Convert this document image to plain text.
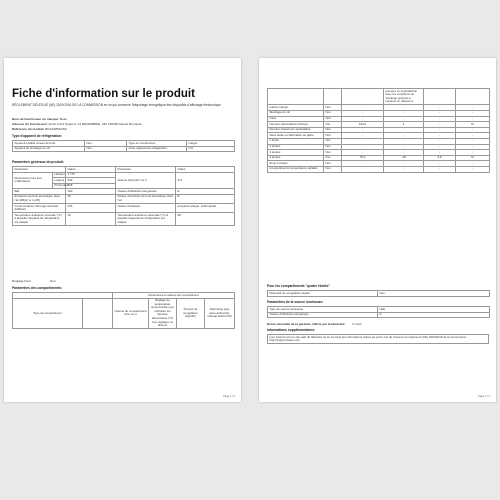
Fiche d'information sur le produit

RÈGLEMENT DÉLÉGUÉ (UE) 2019/2016 DE LA COMMISSION en ce qui concerne l'étiquetage énergétique des dispositifs d'affichage électronique

Nom du fournisseur ou marque: Beko
Adresse du fournisseur: Arctic Fund Support, 13 DECEMBRIE, 310 195390 Gaesti Romania
Référence du modèle: BCSA285K4SN
Type d'appareil de réfrigération:
Appareil à faible niveau de bruit:	Non	Type de construction:	intégré
Appareil de stockage du vin:	Non	Autre appareil de réfrigération:	Oui
Paramètres généraux du produit:
Paramètre		Valeur	Paramètre	Valeur
Dimensions hors tout (millimètres)	Hauteur	1 775	Volume total (dm³ ou l)	271
	Largeur	540		
	Profondeur	545		
IEE		100	Classe d'efficacité énergétique	E
Émissions de bruit acoustique dans l'air [dB(A) re 1 pW]		35	Classe d'émission de bruit acoustique dans l'air	B
Consommation d'énergie annuelle (kWh/an)		225	Classe climatique	tempérée élargie, subtropicale
Température ambiante minimale (°C) à laquelle l'appareil de réfrigération est adapté		10	Température ambiante maximale (°C) à laquelle l'appareil de réfrigération est adapté	38
Réglage hiver	Non
Paramètres des compartiments:
		Paramètres et valeurs de compartiment			
Type de compartiment		Volume du compartiment (dm³ ou l)	Réglage de température recommandé pour optimiser les denrées alimentaires (°C) Ces réglages ne doivent	Pouvoir de congélation (kg/24h)	Defrosting type (auto-defrost=A, manual defrost=M)
Page 1 / 2
			pas être en contradiction avec les conditions de stockage prévues à l'annexe IV, tableau 3		
Garde-manger	Non	-	-	-	-
Stockage du vin	Non	-	-	-	-
Cave	Non	-	-	-	-
Denrées alimentaires fraîches	Oui	193,0	4	-	M
Denrées hautement périssables	Non	-	-	-	-
Sans étoile ou fabrication de glace	Non	-	-	-	-
1 étoile	Non	-	-	-	-
2 étoiles	Non	-	-	-	-
3 étoiles	Non	-	-	-	-
4 étoiles	Oui	78,0	-18	3,6	M
Zone 2 étoiles	Non	-	-	-	-
Compartiment à température variable	Non	-	-	-	-
Pour les compartiments "quatre étoiles"
Dispositif de congélation rapide	Non
Paramètres de la source lumineuse:
Type de source lumineuse	LED
Classe d'efficacité énergétique	G
Durée minimale de la garantie offerte par le fabricant: 0 mois
Informations supplémentaires:
Lien internet vers le site web du fabricant où se trouvent les informations visées au point 4 a) de l'annexe du règlement (UE) 2019/2019 de la Commission : http://support.beko.com
Page 2 / 2
